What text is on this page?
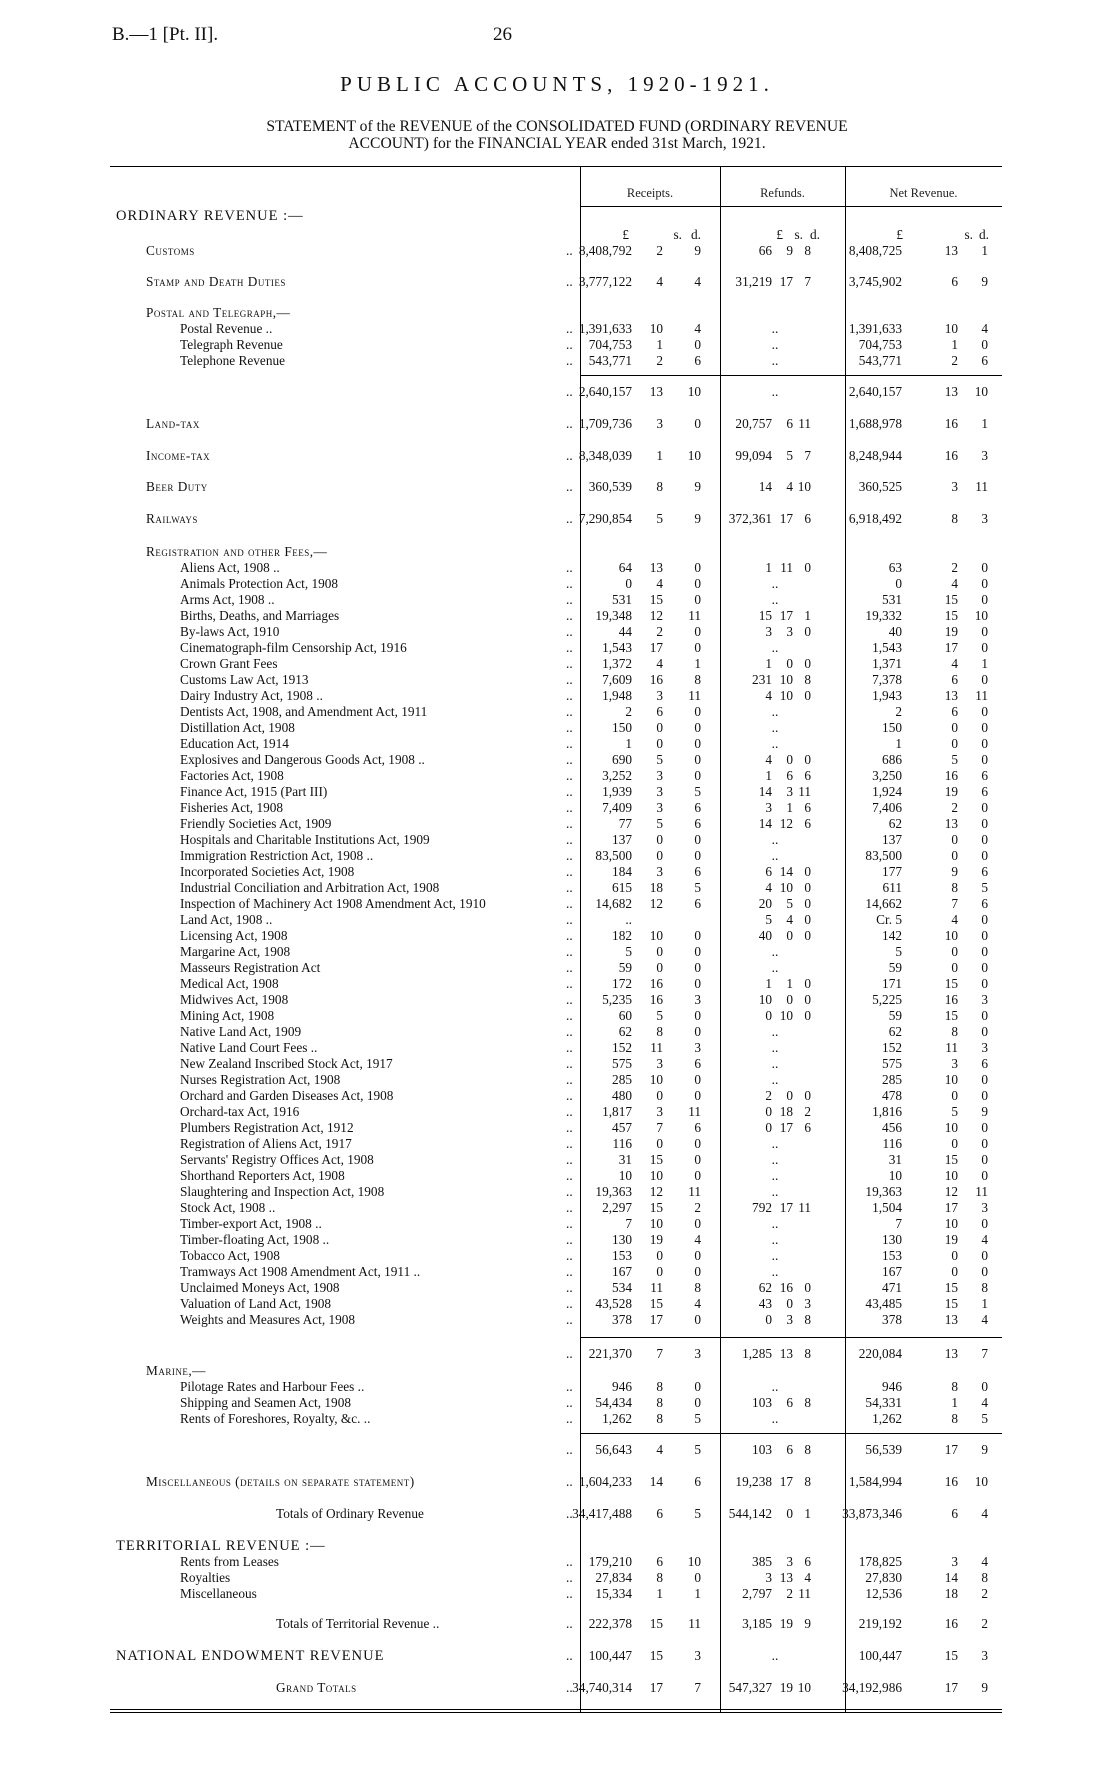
B.—1 [Pt. II].	26
PUBLIC ACCOUNTS, 1920-1921.
STATEMENT of the REVENUE of the CONSOLIDATED FUND (ORDINARY REVENUE
ACCOUNT) for the FINANCIAL YEAR ended 31st March, 1921.
Receipts.	Refunds.	Net Revenue.
£	s. d.	£ s. d.	£	s. d.
ORDINARY REVENUE :—
Customs	.. 8,408,792	2	9	66	9 8	8,408,725	13	1
Stamp and Death Duties	.. 3,777,122	4	4	31,219 17 7	3,745,902	6	9
Postal and Telegraph,—
Postal Revenue ..	.. 1,391,633	10	4	..	1,391,633	10	4
Telegraph Revenue	..	704,753	1	0	..	704,753	1	0
Telephone Revenue	..	543,771	2	6	..	543,771	2	6
.. 2,640,157	13	10	..	2,640,157	13	10
Land-tax	.. 1,709,736	3	0	20,757	6 11	1,688,978	16	1
Income-tax	.. 8,348,039	1	10	99,094	5 7	8,248,944	16	3
Beer Duty	..	360,539	8	9	14	4 10	360,525	3	11
Railways	.. 7,290,854	5	9	372,361 17 6	6,918,492	8	3
Registration and other Fees,—
Aliens Act, 1908 ..	..	64	13	0	1 11 0	63	2	0
Animals Protection Act, 1908	..	0	4	0	..	0	4	0
Arms Act, 1908 ..	..	531	15	0	..	531	15	0
Births, Deaths, and Marriages	..	19,348	12	11	15 17 1	19,332	15	10
By-laws Act, 1910	..	44	2	0	3	3 0	40	19	0
Cinematograph-film Censorship Act, 1916	..	1,543	17	0	..	1,543	17	0
Crown Grant Fees	..	1,372	4	1	1	0 0	1,371	4	1
Customs Law Act, 1913	..	7,609	16	8	231 10 8	7,378	6	0
Dairy Industry Act, 1908 ..	..	1,948	3	11	4 10 0	1,943	13	11
Dentists Act, 1908, and Amendment Act, 1911	..	2	6	0	..	2	6	0
Distillation Act, 1908	..	150	0	0	..	150	0	0
Education Act, 1914	..	1	0	0	..	1	0	0
Explosives and Dangerous Goods Act, 1908 ..	..	690	5	0	4	0 0	686	5	0
Factories Act, 1908	..	3,252	3	0	1	6 6	3,250	16	6
Finance Act, 1915 (Part III)	..	1,939	3	5	14	3 11	1,924	19	6
Fisheries Act, 1908	..	7,409	3	6	3	1 6	7,406	2	0
Friendly Societies Act, 1909	..	77	5	6	14 12 6	62	13	0
Hospitals and Charitable Institutions Act, 1909	..	137	0	0	..	137	0	0
Immigration Restriction Act, 1908 ..	..	83,500	0	0	..	83,500	0	0
Incorporated Societies Act, 1908	..	184	3	6	6 14 0	177	9	6
Industrial Conciliation and Arbitration Act, 1908	..	615	18	5	4 10 0	611	8	5
Inspection of Machinery Act 1908 Amendment Act, 1910	..	14,682	12	6	20	5 0	14,662	7	6
Land Act, 1908 ..	..	..	5	4 0	Cr. 5	4	0
Licensing Act, 1908	..	182	10	0	40	0 0	142	10	0
Margarine Act, 1908	..	5	0	0	..	5	0	0
Masseurs Registration Act	..	59	0	0	..	59	0	0
Medical Act, 1908	..	172	16	0	1	1 0	171	15	0
Midwives Act, 1908	..	5,235	16	3	10	0 0	5,225	16	3
Mining Act, 1908	..	60	5	0	0 10 0	59	15	0
Native Land Act, 1909	..	62	8	0	..	62	8	0
Native Land Court Fees ..	..	152	11	3	..	152	11	3
New Zealand Inscribed Stock Act, 1917	..	575	3	6	..	575	3	6
Nurses Registration Act, 1908	..	285	10	0	..	285	10	0
Orchard and Garden Diseases Act, 1908	..	480	0	0	2	0 0	478	0	0
Orchard-tax Act, 1916	..	1,817	3	11	0 18 2	1,816	5	9
Plumbers Registration Act, 1912	..	457	7	6	0 17 6	456	10	0
Registration of Aliens Act, 1917	..	116	0	0	..	116	0	0
Servants' Registry Offices Act, 1908	..	31	15	0	..	31	15	0
Shorthand Reporters Act, 1908	..	10	10	0	..	10	10	0
Slaughtering and Inspection Act, 1908	..	19,363	12	11	..	19,363	12	11
Stock Act, 1908 ..	..	2,297	15	2	792 17 11	1,504	17	3
Timber-export Act, 1908 ..	..	7	10	0	..	7	10	0
Timber-floating Act, 1908 ..	..	130	19	4	..	130	19	4
Tobacco Act, 1908	..	153	0	0	..	153	0	0
Tramways Act 1908 Amendment Act, 1911 ..	..	167	0	0	..	167	0	0
Unclaimed Moneys Act, 1908	..	534	11	8	62 16 0	471	15	8
Valuation of Land Act, 1908	..	43,528	15	4	43	0 3	43,485	15	1
Weights and Measures Act, 1908	..	378	17	0	0	3 8	378	13	4
..	221,370	7	3	1,285 13 8	220,084	13	7
Marine,—
Pilotage Rates and Harbour Fees ..	..	946	8	0	..	946	8	0
Shipping and Seamen Act, 1908	..	54,434	8	0	103	6 8	54,331	1	4
Rents of Foreshores, Royalty, &c. ..	..	1,262	8	5	..	1,262	8	5
..	56,643	4	5	103	6 8	56,539	17	9
Miscellaneous (details on separate statement)	.. 1,604,233	14	6	19,238 17 8	1,584,994	16	10
Totals of Ordinary Revenue	.. 34,417,488	6	5	544,142	0 1	33,873,346	6	4
TERRITORIAL REVENUE :—
Rents from Leases	..	179,210	6	10	385	3 6	178,825	3	4
Royalties	..	27,834	8	0	3 13 4	27,830	14	8
Miscellaneous	..	15,334	1	1	2,797	2 11	12,536	18	2
Totals of Territorial Revenue ..	..	222,378	15	11	3,185 19 9	219,192	16	2
NATIONAL ENDOWMENT REVENUE	..	100,447	15	3	..	100,447	15	3
Grand Totals	.. 34,740,314	17	7	547,327 19 10	34,192,986	17	9
